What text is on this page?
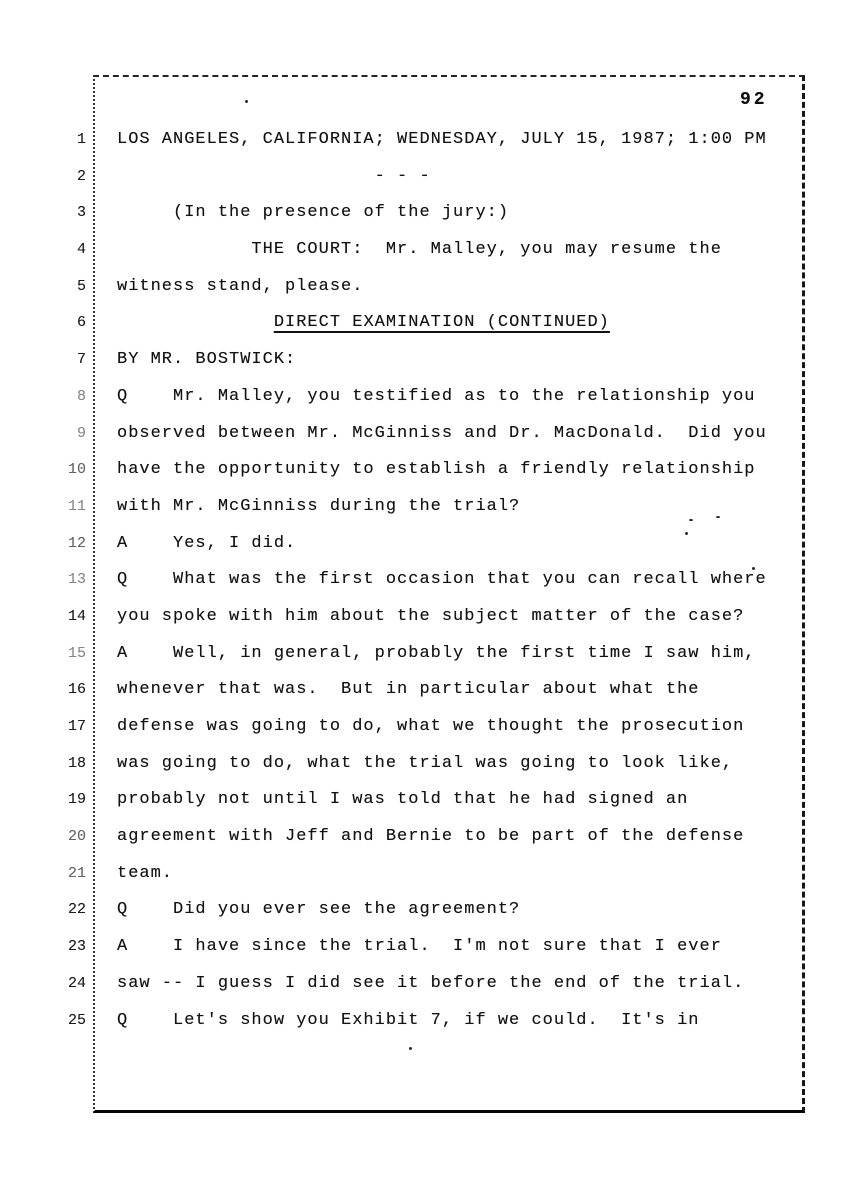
92
1 LOS ANGELES, CALIFORNIA; WEDNESDAY, JULY 15, 1987; 1:00 PM
2	- - -
3	(In the presence of the jury:)
4	THE COURT:  Mr. Malley, you may resume the
5 witness stand, please.
6	DIRECT EXAMINATION (CONTINUED)
7 BY MR. BOSTWICK:
8 Q    Mr. Malley, you testified as to the relationship you
9 observed between Mr. McGinniss and Dr. MacDonald.  Did you
10 have the opportunity to establish a friendly relationship
11 with Mr. McGinniss during the trial?
12 A    Yes, I did.
13 Q    What was the first occasion that you can recall where
14 you spoke with him about the subject matter of the case?
15 A    Well, in general, probably the first time I saw him,
16 whenever that was.  But in particular about what the
17 defense was going to do, what we thought the prosecution
18 was going to do, what the trial was going to look like,
19 probably not until I was told that he had signed an
20 agreement with Jeff and Bernie to be part of the defense
21 team.
22 Q    Did you ever see the agreement?
23 A    I have since the trial.  I'm not sure that I ever
24 saw -- I guess I did see it before the end of the trial.
25 Q    Let's show you Exhibit 7, if we could.  It's in
